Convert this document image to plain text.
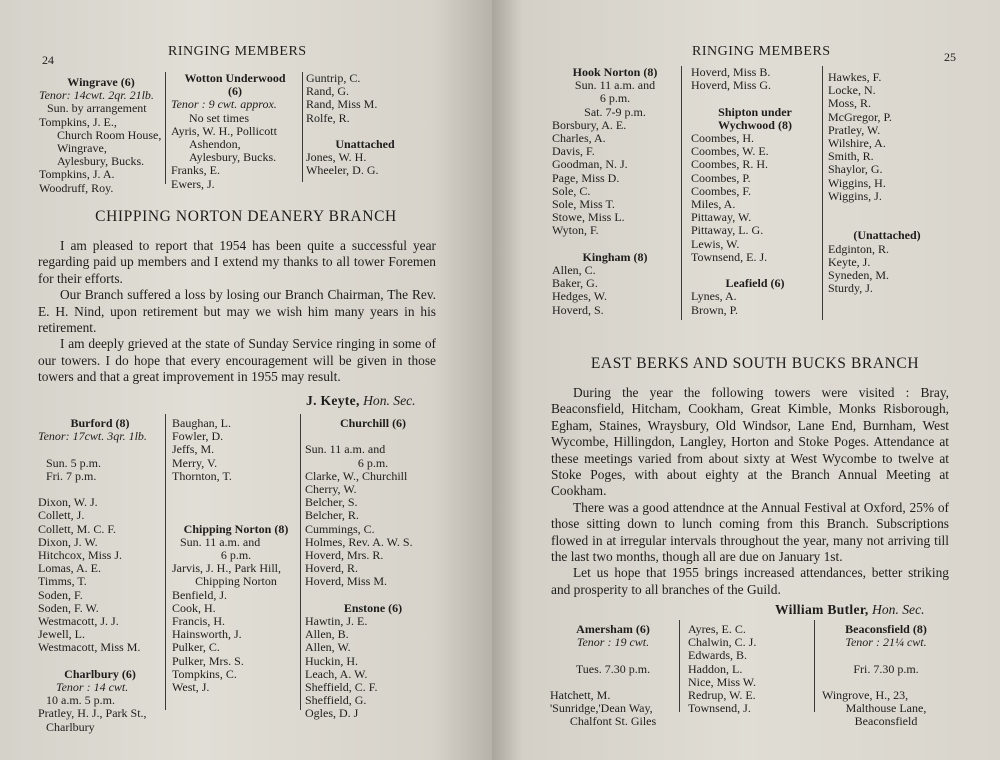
24
RINGING MEMBERS
Wingrave (6)
Tenor: 14cwt. 2qr. 21lb.
Sun. by arrangement
Tompkins, J. E.,
Church Room House,
Wingrave,
Aylesbury, Bucks.
Tompkins, J. A.
Woodruff, Roy.
Wotton Underwood
(6)
Tenor : 9 cwt. approx.
No set times
Ayris, W. H., Pollicott
Ashendon,
Aylesbury, Bucks.
Franks, E.
Ewers, J.
Guntrip, C.
Rand, G.
Rand, Miss M.
Rolfe, R.

Unattached
Jones, W. H.
Wheeler, D. G.
CHIPPING NORTON DEANERY BRANCH

I am pleased to report that 1954 has been quite a successful year regarding paid up members and I extend my thanks to all tower Foremen for their efforts.

Our Branch suffered a loss by losing our Branch Chairman, The Rev. E. H. Nind, upon retirement but may we wish him many years in his retirement.

I am deeply grieved at the state of Sunday Service ringing in some of our towers. I do hope that every encouragement will be given in those towers and that a great improvement in 1955 may result.

J. Keyte, Hon. Sec.
Burford (8)
Tenor: 17cwt. 3qr. 1lb.

Sun. 5 p.m.
Fri. 7 p.m.

Dixon, W. J.
Collett, J.
Collett, M. C. F.
Dixon, J. W.
Hitchcox, Miss J.
Lomas, A. E.
Timms, T.
Soden, F.
Soden, F. W.
Westmacott, J. J.
Jewell, L.
Westmacott, Miss M.

Charlbury (6)
Tenor : 14 cwt.
10 a.m. 5 p.m.
Pratley, H. J., Park St.,
Charlbury
Baughan, L.
Fowler, D.
Jeffs, M.
Merry, V.
Thornton, T.

Chipping Norton (8)
Sun. 11 a.m. and
6 p.m.
Jarvis, J. H., Park Hill,
Chipping Norton
Benfield, J.
Cook, H.
Francis, H.
Hainsworth, J.
Pulker, C.
Pulker, Mrs. S.
Tompkins, C.
West, J.
Churchill (6)

Sun. 11 a.m. and
6 p.m.
Clarke, W., Churchill
Cherry, W.
Belcher, S.
Belcher, R.
Cummings, C.
Holmes, Rev. A. W. S.
Hoverd, Mrs. R.
Hoverd, R.
Hoverd, Miss M.

Enstone (6)
Hawtin, J. E.
Allen, B.
Allen, W.
Huckin, H.
Leach, A. W.
Sheffield, C. F.
Sheffield, G.
Ogles, D. J
RINGING MEMBERS	25
Hook Norton (8)
Sun. 11 a.m. and
6 p.m.
Sat. 7-9 p.m.
Borsbury, A. E.
Charles, A.
Davis, F.
Goodman, N. J.
Page, Miss D.
Sole, C.
Sole, Miss T.
Stowe, Miss L.
Wyton, F.

Kingham (8)
Allen, C.
Baker, G.
Hedges, W.
Hoverd, S.
Hoverd, Miss B.
Hoverd, Miss G.

Shipton under
Wychwood (8)
Coombes, H.
Coombes, W. E.
Coombes, R. H.
Coombes, P.
Coombes, F.
Miles, A.
Pittaway, W.
Pittaway, L. G.
Lewis, W.
Townsend, E. J.

Leafield (6)
Lynes, A.
Brown, P.
Hawkes, F.
Locke, N.
Moss, R.
McGregor, P.
Pratley, W.
Wilshire, A.
Smith, R.
Shaylor, G.
Wiggins, H.
Wiggins, J.

(Unattached)
Edginton, R.
Keyte, J.
Syneden, M.
Sturdy, J.
EAST BERKS AND SOUTH BUCKS BRANCH

During the year the following towers were visited : Bray, Beaconsfield, Hitcham, Cookham, Great Kimble, Monks Risborough, Egham, Staines, Wraysbury, Old Windsor, Lane End, Burnham, West Wycombe, Hillingdon, Langley, Horton and Stoke Poges. Attendance at these meetings varied from about sixty at West Wycombe to twelve at Stoke Poges, with about eighty at the Branch Annual Meeting at Cookham.

There was a good attendnce at the Annual Festival at Oxford, 25% of those sitting down to lunch coming from this Branch. Subscriptions flowed in at irregular intervals throughout the year, many not arriving till the last two months, though all are due on January 1st.

Let us hope that 1955 brings increased attendances, better striking and prosperity to all branches of the Guild.

William Butler, Hon. Sec.
Amersham (6)
Tenor : 19 cwt.

Tues. 7.30 p.m.

Hatchett, M.
'Sunridge,'Dean Way,
Chalfont St. Giles
Ayres, E. C.
Chalwin, C. J.
Edwards, B.
Haddon, L.
Nice, Miss W.
Redrup, W. E.
Townsend, J.
Beaconsfield (8)
Tenor : 21¼ cwt.

Fri. 7.30 p.m.

Wingrove, H., 23,
Malthouse Lane,
Beaconsfield
